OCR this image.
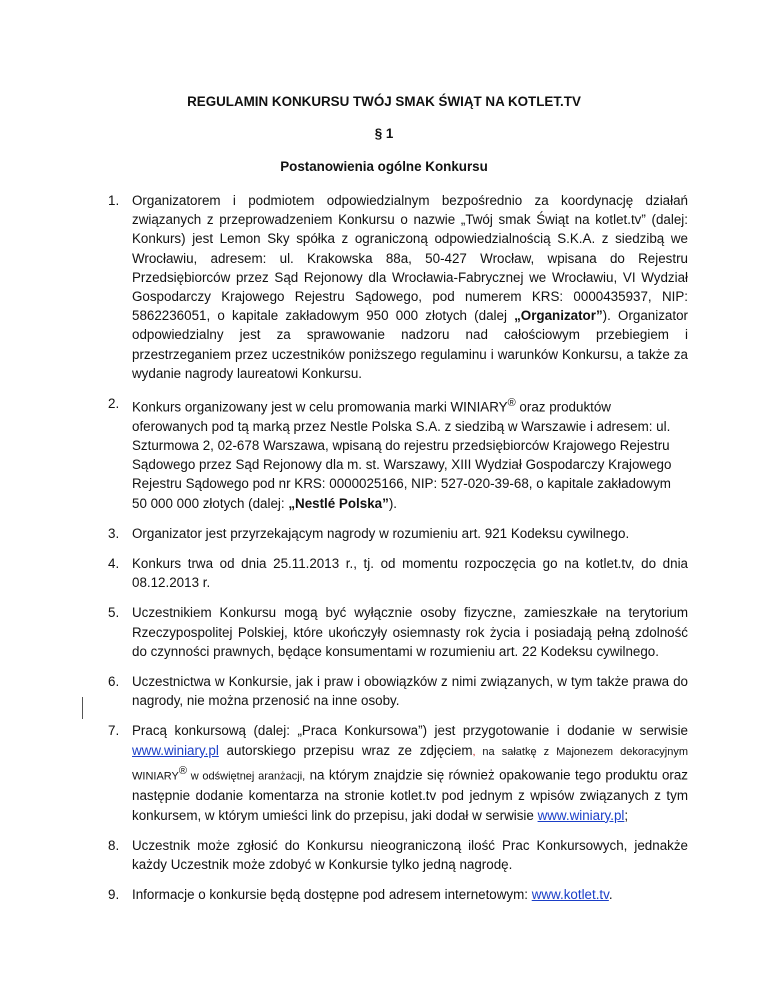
REGULAMIN KONKURSU TWÓJ SMAK ŚWIĄT NA KOTLET.TV
§ 1
Postanowienia ogólne Konkursu
1. Organizatorem i podmiotem odpowiedzialnym bezpośrednio za koordynację działań związanych z przeprowadzeniem Konkursu o nazwie „Twój smak Świąt na kotlet.tv” (dalej: Konkurs) jest Lemon Sky spółka z ograniczoną odpowiedzialnością S.K.A. z siedzibą we Wrocławiu, adresem: ul. Krakowska 88a, 50-427 Wrocław, wpisana do Rejestru Przedsiębiorców przez Sąd Rejonowy dla Wrocławia-Fabrycznej we Wrocławiu, VI Wydział Gospodarczy Krajowego Rejestru Sądowego, pod numerem KRS: 0000435937, NIP: 5862236051, o kapitale zakładowym 950 000 złotych (dalej „Organizator”). Organizator odpowiedzialny jest za sprawowanie nadzoru nad całościowym przebiegiem i przestrzeganiem przez uczestników poniższego regulaminu i warunków Konkursu, a także za wydanie nagrody laureatowi Konkursu.
2. Konkurs organizowany jest w celu promowania marki WINIARY® oraz produktów oferowanych pod tą marką przez Nestle Polska S.A. z siedzibą w Warszawie i adresem: ul. Szturmowa 2, 02-678 Warszawa, wpisaną do rejestru przedsiębiorców Krajowego Rejestru Sądowego przez Sąd Rejonowy dla m. st. Warszawy, XIII Wydział Gospodarczy Krajowego Rejestru Sądowego pod nr KRS: 0000025166, NIP: 527-020-39-68, o kapitale zakładowym 50 000 000 złotych (dalej: „Nestlé Polska”).
3. Organizator jest przyrzekającym nagrody w rozumieniu art. 921 Kodeksu cywilnego.
4. Konkurs trwa od dnia 25.11.2013 r., tj. od momentu rozpoczęcia go na kotlet.tv, do dnia 08.12.2013 r.
5. Uczestnikiem Konkursu mogą być wyłącznie osoby fizyczne, zamieszkałe na terytorium Rzeczypospolitej Polskiej, które ukończyły osiemnasty rok życia i posiadają pełną zdolność do czynności prawnych, będące konsumentami w rozumieniu art. 22 Kodeksu cywilnego.
6. Uczestnictwa w Konkursie, jak i praw i obowiązków z nimi związanych, w tym także prawa do nagrody, nie można przenosić na inne osoby.
7. Pracą konkursową (dalej: „Praca Konkursowa”) jest przygotowanie i dodanie w serwisie www.winiary.pl autorskiego przepisu wraz ze zdjęciem, na sałatkę z Majonezem dekoracyjnym WINIARY® w odświętnej aranżacji, na którym znajdzie się również opakowanie tego produktu oraz następnie dodanie komentarza na stronie kotlet.tv pod jednym z wpisów związanych z tym konkursem, w którym umieści link do przepisu, jaki dodał w serwisie www.winiary.pl;
8. Uczestnik może zgłosić do Konkursu nieograniczoną ilość Prac Konkursowych, jednakże każdy Uczestnik może zdobyć w Konkursie tylko jedną nagrodę.
9. Informacje o konkursie będą dostępne pod adresem internetowym: www.kotlet.tv.
